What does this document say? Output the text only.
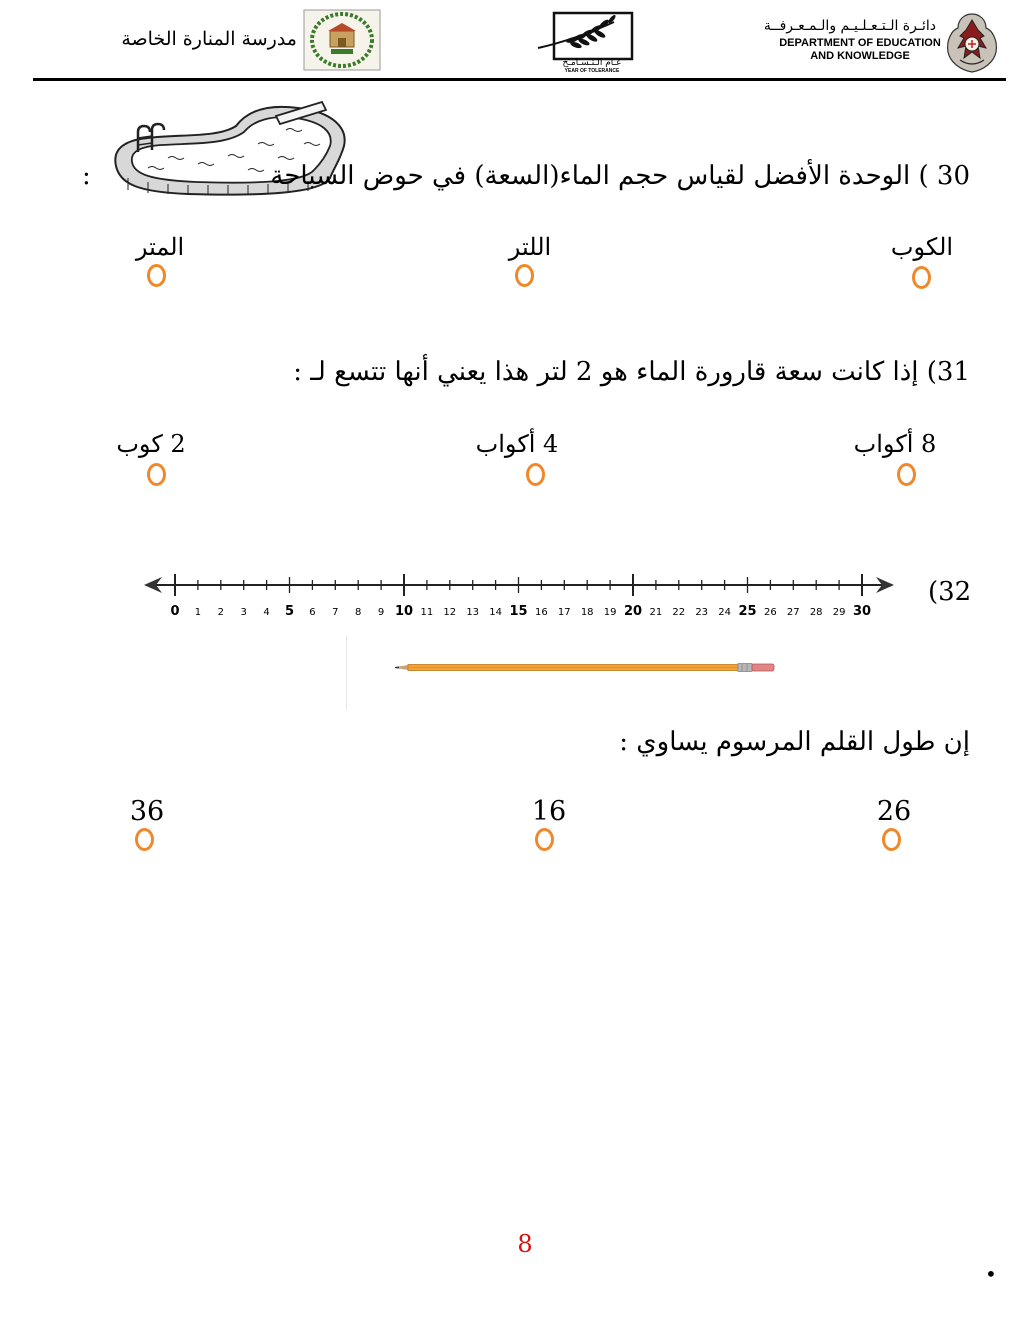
دائـرة الـتـعـلـيـم والـمـعـرفــة
DEPARTMENT OF EDUCATION
AND KNOWLEDGE
عـام الـتـسـامـح
YEAR OF TOLERANCE
مدرسة المنارة الخاصة
30 ) الوحدة الأفضل لقياس حجم الماء(السعة) في حوض السباحة
:
الكوب
اللتر
المتر
31) إذا كانت سعة قارورة الماء هو 2 لتر هذا يعني أنها تتسع لـ :
8 أكواب
4 أكواب
2 كوب
(32
0	1	2	3	4	5	6	7	8	9 10 11	12	13	14 15 16	17	18	19 20 21	22	23	24 25 26	27	28	29 30
إن طول القلم المرسوم يساوي :
26
16
36
8
•
